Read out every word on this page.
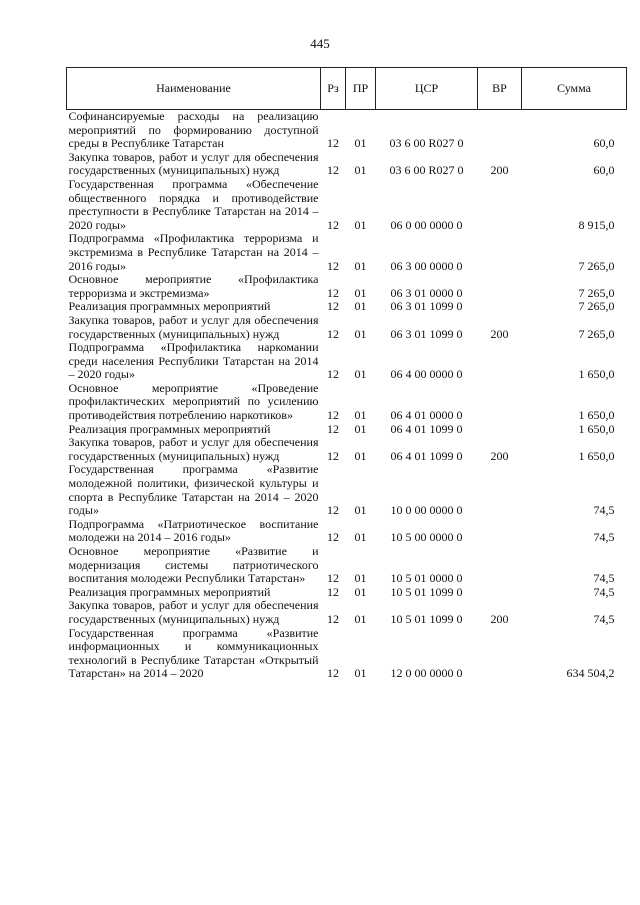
445
Наименование	Рз	ПР	ЦСР	ВР	Сумма
Софинансируемые расходы на реализацию мероприятий по формированию доступной среды в Республике Татарстан	12	01	03 6 00 R027 0		60,0
Закупка товаров, работ и услуг для обеспечения государственных (муниципальных) нужд	12	01	03 6 00 R027 0	200	60,0
Государственная программа «Обеспечение общественного порядка и противодействие преступности в Республике Татарстан на 2014 – 2020 годы»	12	01	06 0 00 0000 0		8 915,0
Подпрограмма «Профилактика терроризма и экстремизма в Республике Татарстан на 2014 – 2016 годы»	12	01	06 3 00 0000 0		7 265,0
Основное мероприятие «Профилактика терроризма и экстремизма»	12	01	06 3 01 0000 0		7 265,0
Реализация программных мероприятий	12	01	06 3 01 1099 0		7 265,0
Закупка товаров, работ и услуг для обеспечения государственных (муниципальных) нужд	12	01	06 3 01 1099 0	200	7 265,0
Подпрограмма «Профилактика наркомании среди населения Республики Татарстан на 2014 – 2020 годы»	12	01	06 4 00 0000 0		1 650,0
Основное мероприятие «Проведение профилактических мероприятий по усилению противодействия потреблению наркотиков»	12	01	06 4 01 0000 0		1 650,0
Реализация программных мероприятий	12	01	06 4 01 1099 0		1 650,0
Закупка товаров, работ и услуг для обеспечения государственных (муниципальных) нужд	12	01	06 4 01 1099 0	200	1 650,0
Государственная программа «Развитие молодежной политики, физической культуры и спорта в Республике Татарстан на 2014 – 2020 годы»	12	01	10 0 00 0000 0		74,5
Подпрограмма «Патриотическое воспитание молодежи на 2014 – 2016 годы»	12	01	10 5 00 0000 0		74,5
Основное мероприятие «Развитие и модернизация системы патриотического воспитания молодежи Республики Татарстан»	12	01	10 5 01 0000 0		74,5
Реализация программных мероприятий	12	01	10 5 01 1099 0		74,5
Закупка товаров, работ и услуг для обеспечения государственных (муниципальных) нужд	12	01	10 5 01 1099 0	200	74,5
Государственная программа «Развитие информационных и коммуникационных технологий в Республике Татарстан «Открытый Татарстан» на 2014 – 2020	12	01	12 0 00 0000 0		634 504,2
